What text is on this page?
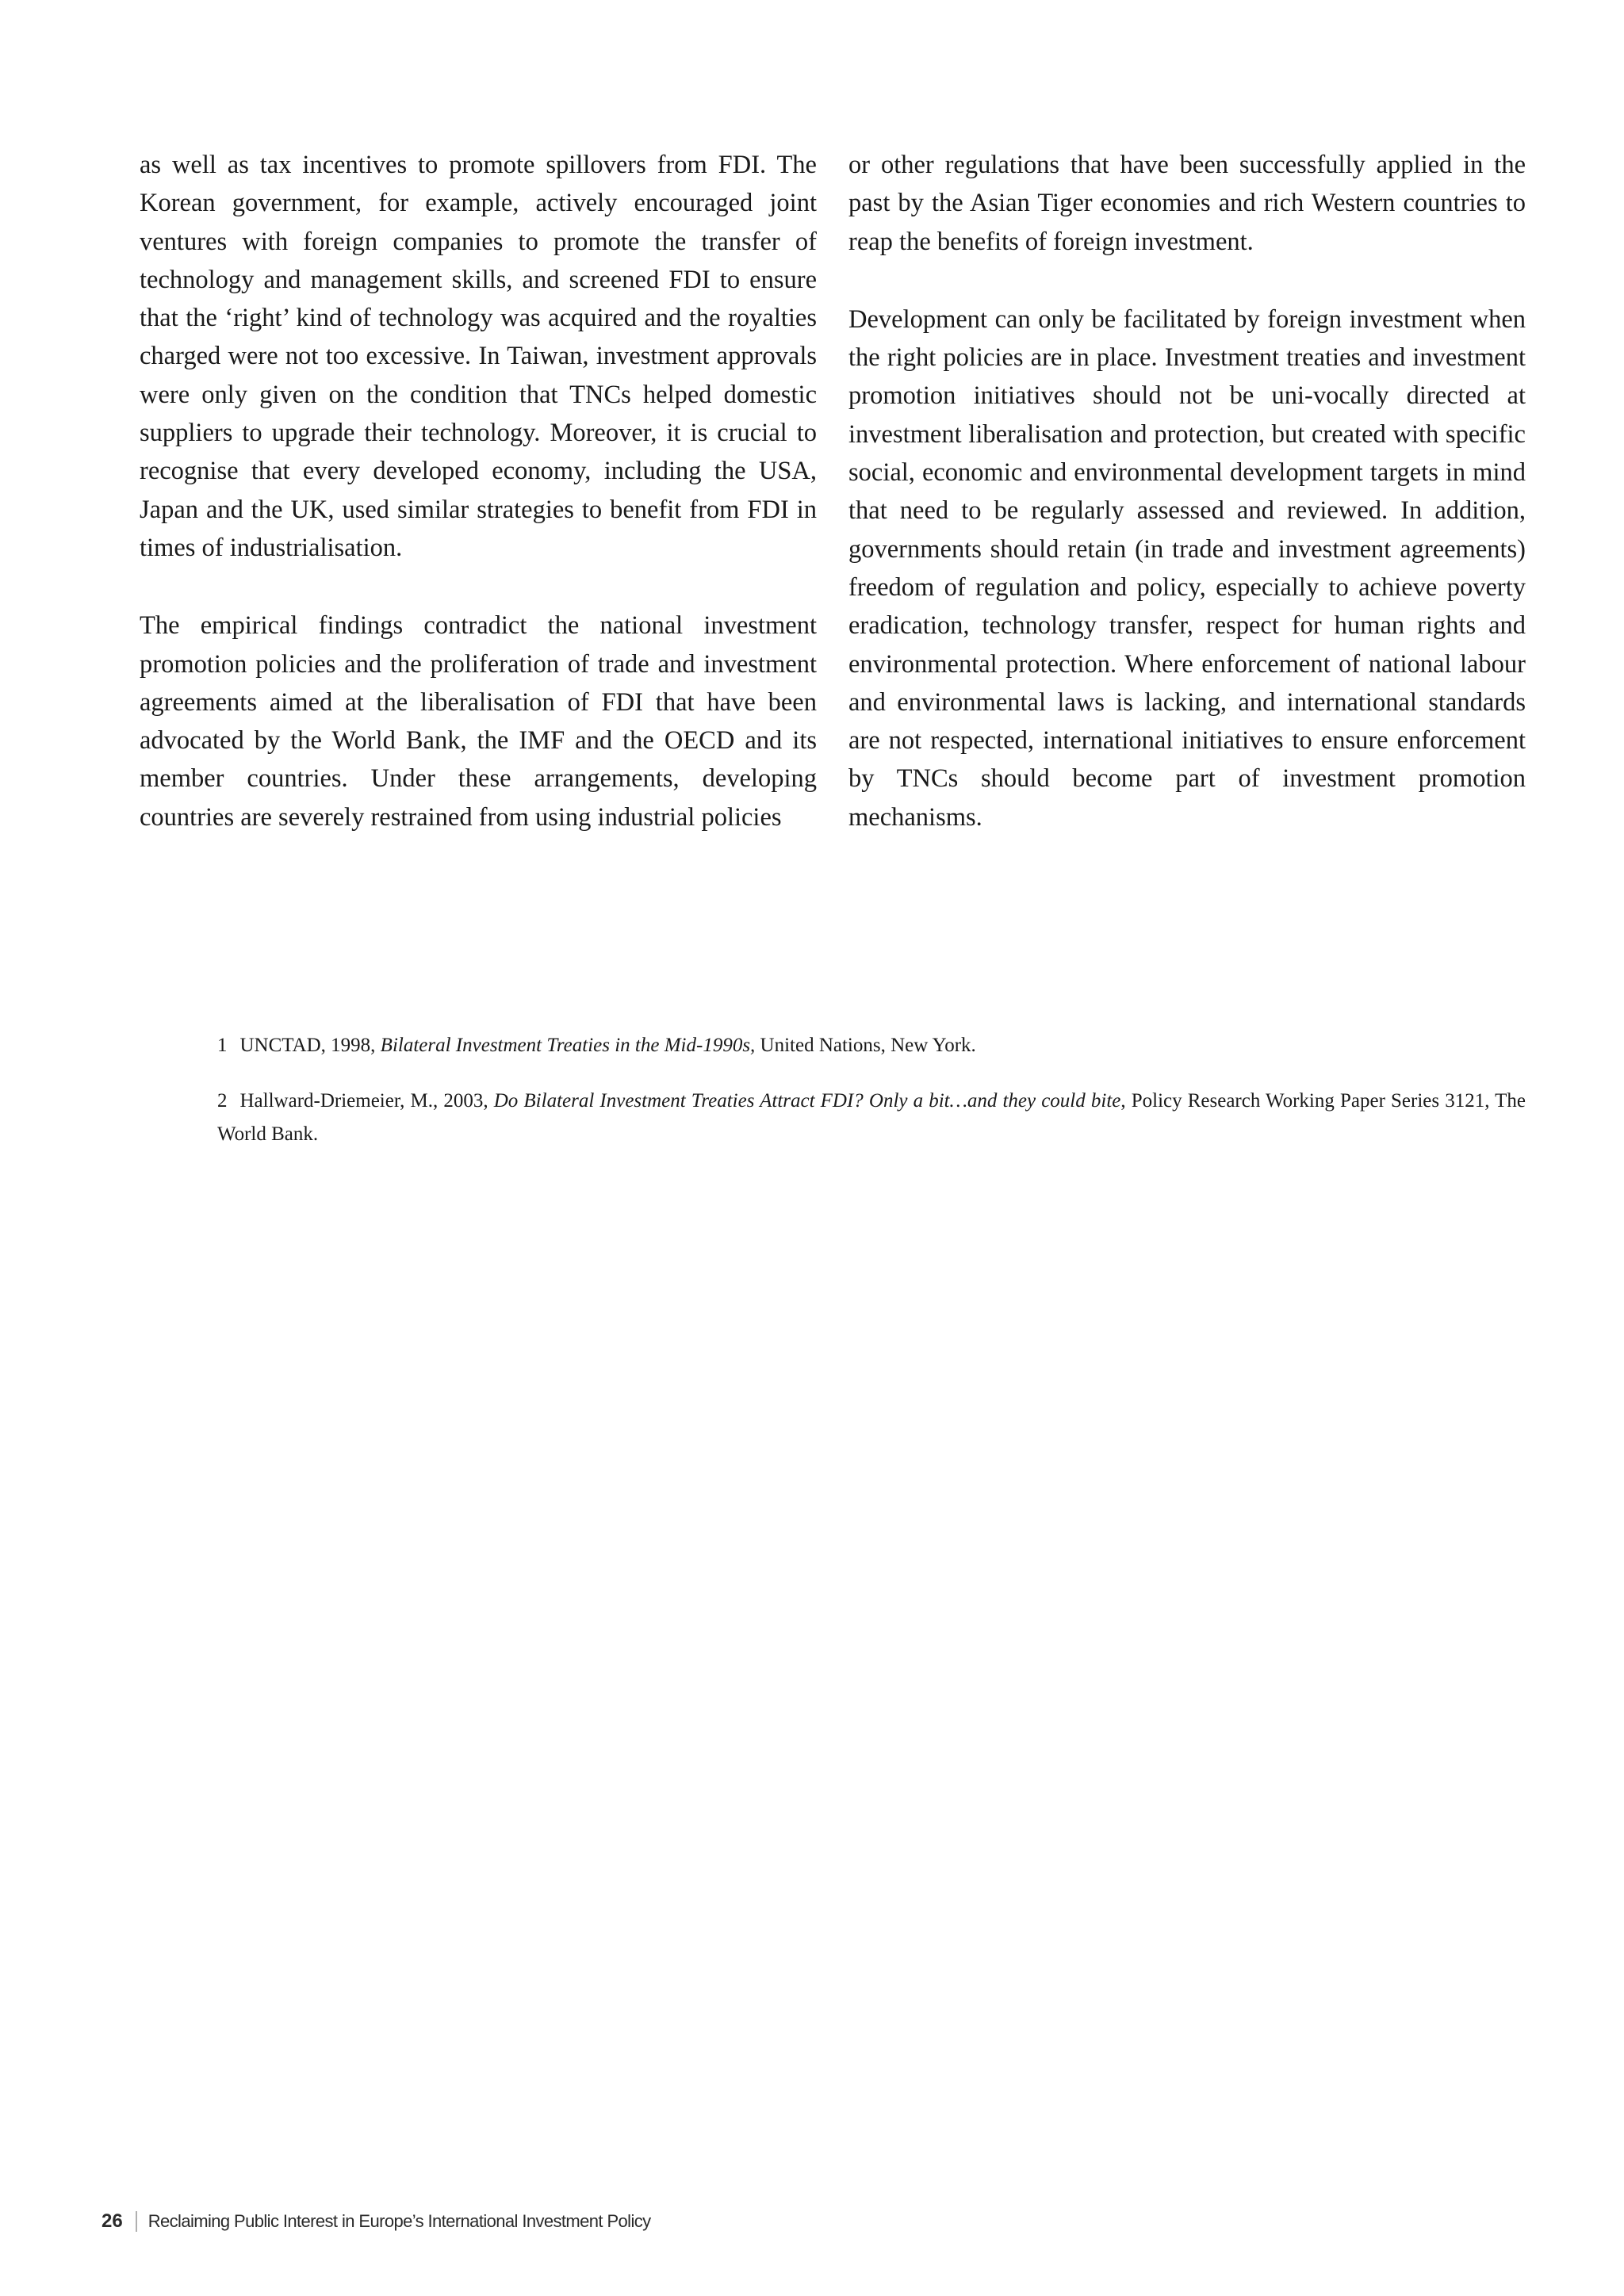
as well as tax incentives to promote spillovers from FDI. The Korean government, for example, actively encouraged joint ventures with foreign companies to promote the transfer of technology and management skills, and screened FDI to ensure that the ‘right’ kind of technology was acquired and the royalties charged were not too excessive. In Taiwan, investment approvals were only given on the condition that TNCs helped domestic suppliers to upgrade their technology. Moreover, it is crucial to recognise that every developed economy, including the USA, Japan and the UK, used similar strategies to benefit from FDI in times of industrialisation.

The empirical findings contradict the national investment promotion policies and the proliferation of trade and investment agreements aimed at the liberalisation of FDI that have been advocated by the World Bank, the IMF and the OECD and its member countries. Under these arrangements, developing countries are severely restrained from using industrial policies

or other regulations that have been successfully applied in the past by the Asian Tiger economies and rich Western countries to reap the benefits of foreign investment.

Development can only be facilitated by foreign investment when the right policies are in place. Investment treaties and investment promotion initiatives should not be uni-vocally directed at investment liberalisation and protection, but created with specific social, economic and environmental development targets in mind that need to be regularly assessed and reviewed. In addition, governments should retain (in trade and investment agreements) freedom of regulation and policy, especially to achieve poverty eradication, technology transfer, respect for human rights and environmental protection. Where enforcement of national labour and environmental laws is lacking, and international standards are not respected, international initiatives to ensure enforcement by TNCs should become part of investment promotion mechanisms.

1 UNCTAD, 1998, Bilateral Investment Treaties in the Mid-1990s, United Nations, New York.

2 Hallward-Driemeier, M., 2003, Do Bilateral Investment Treaties Attract FDI? Only a bit…and they could bite, Policy Research Working Paper Series 3121, The World Bank.

26 Reclaiming Public Interest in Europe’s International Investment Policy
